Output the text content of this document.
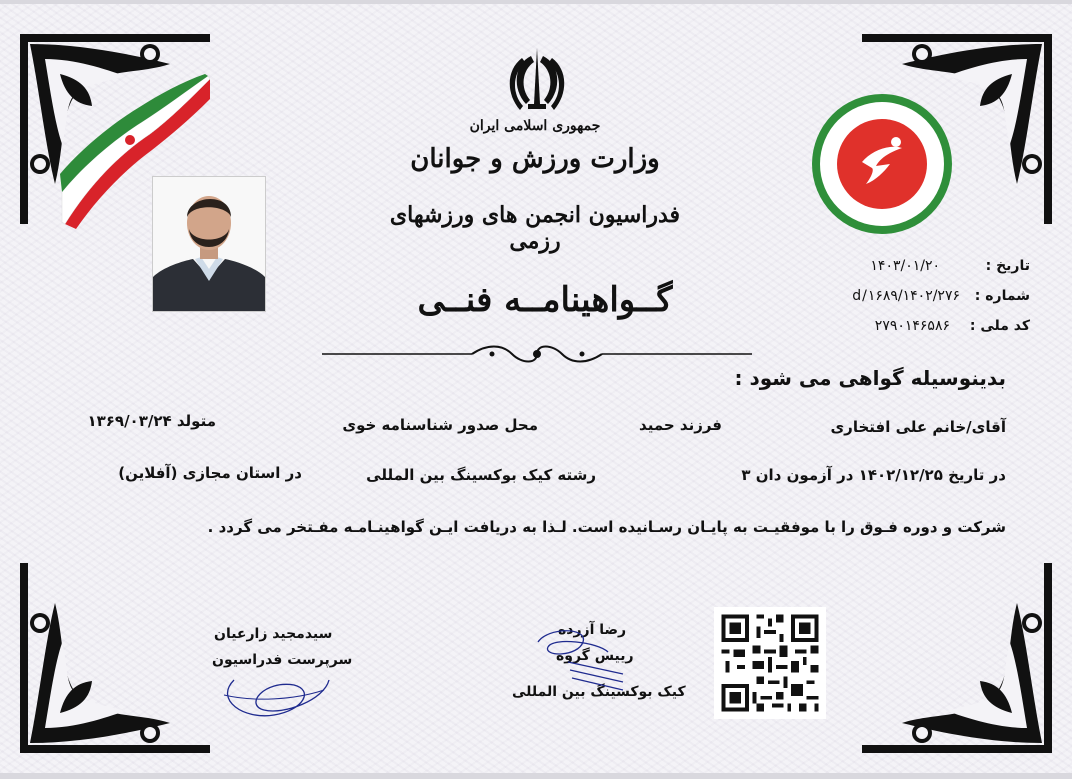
جمهوری اسلامی ایران
وزارت ورزش و جوانان
فدراسیون انجمن های ورزشهای رزمی
گــواهینامــه فنــی
تاریخ :
۱۴۰۳/۰۱/۲۰
شماره :
۱۴۰۲/۲۷۶/d/۱۶۸۹
کد ملی :
۲۷۹۰۱۴۶۵۸۶
بدینوسیله گواهی می شود :
آقای/خانم علی افتخاری
فرزند حمید
محل صدور شناسنامه خوی
متولد ۱۳۶۹/۰۳/۲۴
در تاریخ ۱۴۰۲/۱۲/۲۵ در آزمون دان ۳
رشته کیک بوکسینگ بین المللی
در استان مجازی (آفلاین)
شرکت و دوره فـوق را با موفقیـت به پایـان رسـانیده است. لـذا به دریافت ایـن گواهینـامـه مفـتخر می گردد .
سیدمجید زارعیان
سرپرست فدراسیون
رضا آزرده
رییس گروه
کیک بوکسینگ بین المللی
